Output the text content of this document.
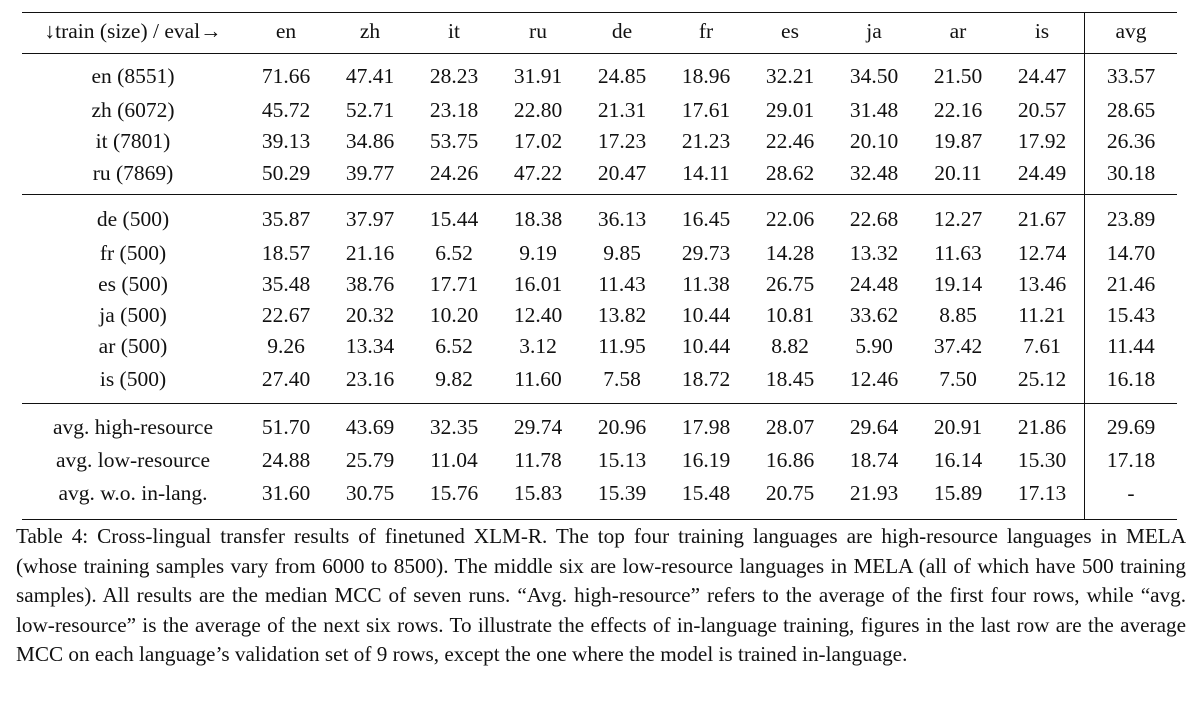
↓train (size) / eval→	en	zh	it	ru	de	fr	es	ja	ar	is	avg
en (8551)	71.66	47.41	28.23	31.91	24.85	18.96	32.21	34.50	21.50	24.47	33.57
zh (6072)	45.72	52.71	23.18	22.80	21.31	17.61	29.01	31.48	22.16	20.57	28.65
it (7801)	39.13	34.86	53.75	17.02	17.23	21.23	22.46	20.10	19.87	17.92	26.36
ru (7869)	50.29	39.77	24.26	47.22	20.47	14.11	28.62	32.48	20.11	24.49	30.18
de (500)	35.87	37.97	15.44	18.38	36.13	16.45	22.06	22.68	12.27	21.67	23.89
fr (500)	18.57	21.16	6.52	9.19	9.85	29.73	14.28	13.32	11.63	12.74	14.70
es (500)	35.48	38.76	17.71	16.01	11.43	11.38	26.75	24.48	19.14	13.46	21.46
ja (500)	22.67	20.32	10.20	12.40	13.82	10.44	10.81	33.62	8.85	11.21	15.43
ar (500)	9.26	13.34	6.52	3.12	11.95	10.44	8.82	5.90	37.42	7.61	11.44
is (500)	27.40	23.16	9.82	11.60	7.58	18.72	18.45	12.46	7.50	25.12	16.18
avg. high-resource	51.70	43.69	32.35	29.74	20.96	17.98	28.07	29.64	20.91	21.86	29.69
avg. low-resource	24.88	25.79	11.04	11.78	15.13	16.19	16.86	18.74	16.14	15.30	17.18
avg. w.o. in-lang.	31.60	30.75	15.76	15.83	15.39	15.48	20.75	21.93	15.89	17.13	-

Table 4: Cross-lingual transfer results of finetuned XLM-R. The top four training languages are high-resource languages in MELA (whose training samples vary from 6000 to 8500). The middle six are low-resource languages in MELA (all of which have 500 training samples). All results are the median MCC of seven runs. “Avg. high-resource” refers to the average of the first four rows, while “avg. low-resource” is the average of the next six rows. To illustrate the effects of in-language training, figures in the last row are the average MCC on each language’s validation set of 9 rows, except the one where the model is trained in-language.
